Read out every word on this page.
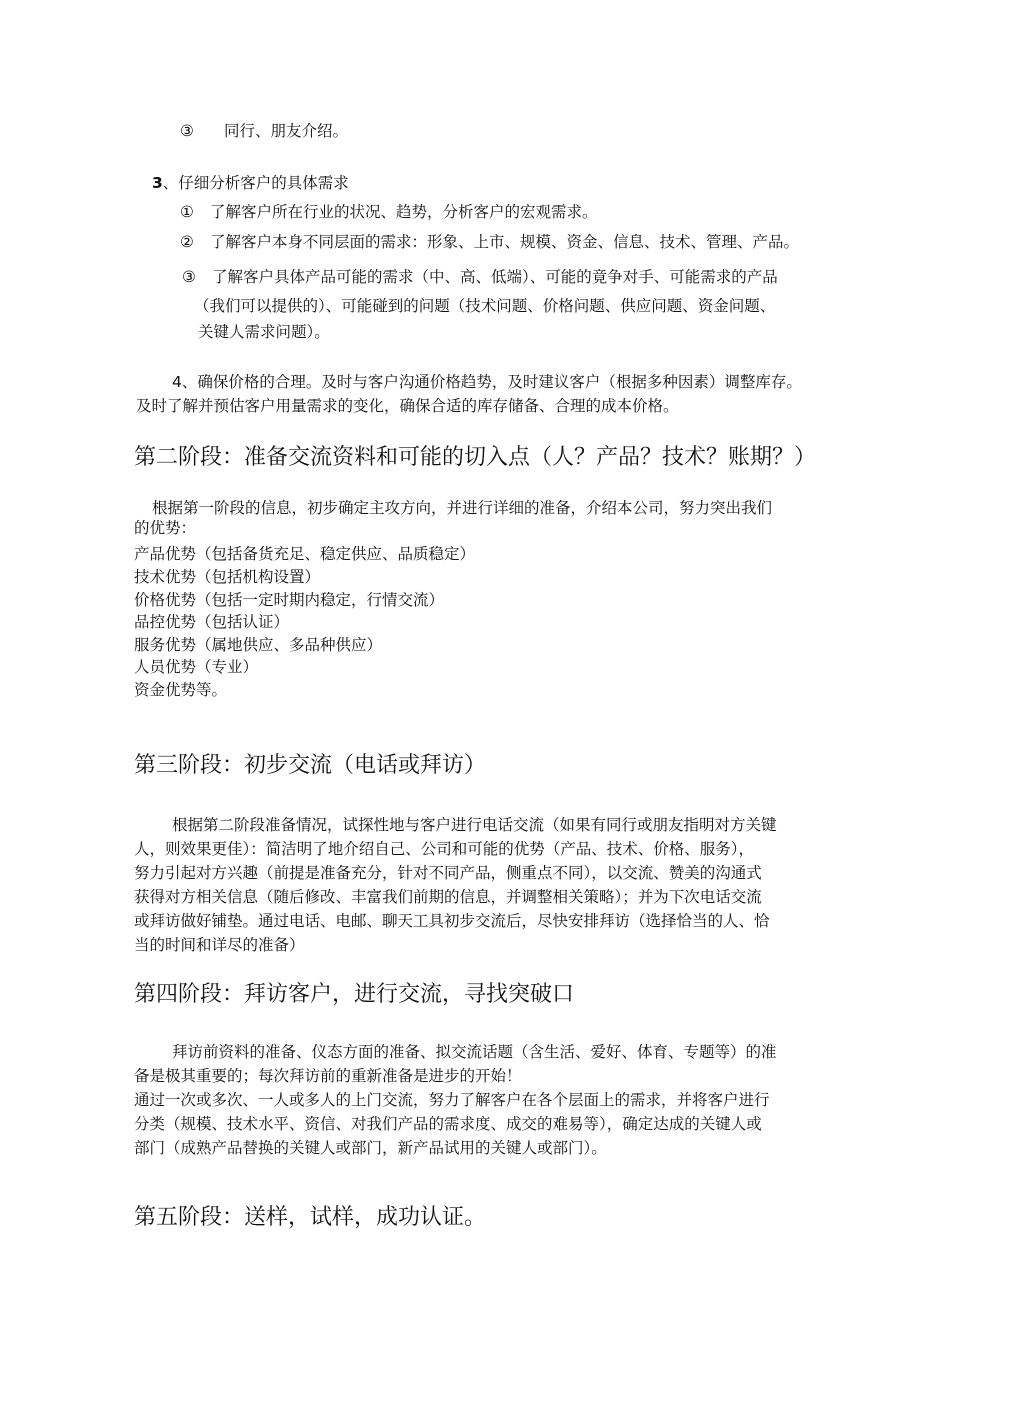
③ 同行、朋友介绍。

3、仔细分析客户的具体需求

① 了解客户所在行业的状况、趋势，分析客户的宏观需求。

② 了解客户本身不同层面的需求：形象、上市、规模、资金、信息、技术、管理、产品。

③ 了解客户具体产品可能的需求（中、高、低端）、可能的竟争对手、可能需求的产品

（我们可以提供的）、可能碰到的问题（技术问题、价格问题、供应问题、资金问题、

关键人需求问题）。

4、确保价格的合理。及时与客户沟通价格趋势，及时建议客户（根据多种因素）调整库存。

及时了解并预估客户用量需求的变化，确保合适的库存储备、合理的成本价格。

第二阶段：准备交流资料和可能的切入点（人？产品？技术？账期？）

根据第一阶段的信息，初步确定主攻方向，并进行详细的准备，介绍本公司，努力突出我们

的优势：

产品优势（包括备货充足、稳定供应、品质稳定）

技术优势（包括机构设置）

价格优势（包括一定时期内稳定，行情交流）

品控优势（包括认证）

服务优势（属地供应、多品种供应）

人员优势（专业）

资金优势等。

第三阶段：初步交流（电话或拜访）

根据第二阶段准备情况，试探性地与客户进行电话交流（如果有同行或朋友指明对方关键

人，则效果更佳）：简洁明了地介绍自己、公司和可能的优势（产品、技术、价格、服务），

努力引起对方兴趣（前提是准备充分，针对不同产品，侧重点不同），以交流、赞美的沟通式

获得对方相关信息（随后修改、丰富我们前期的信息，并调整相关策略）；并为下次电话交流

或拜访做好铺垫。通过电话、电邮、聊天工具初步交流后，尽快安排拜访（选择恰当的人、恰

当的时间和详尽的准备）

第四阶段：拜访客户，进行交流，寻找突破口

拜访前资料的准备、仪态方面的准备、拟交流话题（含生活、爱好、体育、专题等）的准

备是极其重要的；每次拜访前的重新准备是进步的开始！

通过一次或多次、一人或多人的上门交流，努力了解客户在各个层面上的需求，并将客户进行

分类（规模、技术水平、资信、对我们产品的需求度、成交的难易等），确定达成的关键人或

部门（成熟产品替换的关键人或部门，新产品试用的关键人或部门）。

第五阶段：送样，试样，成功认证。
